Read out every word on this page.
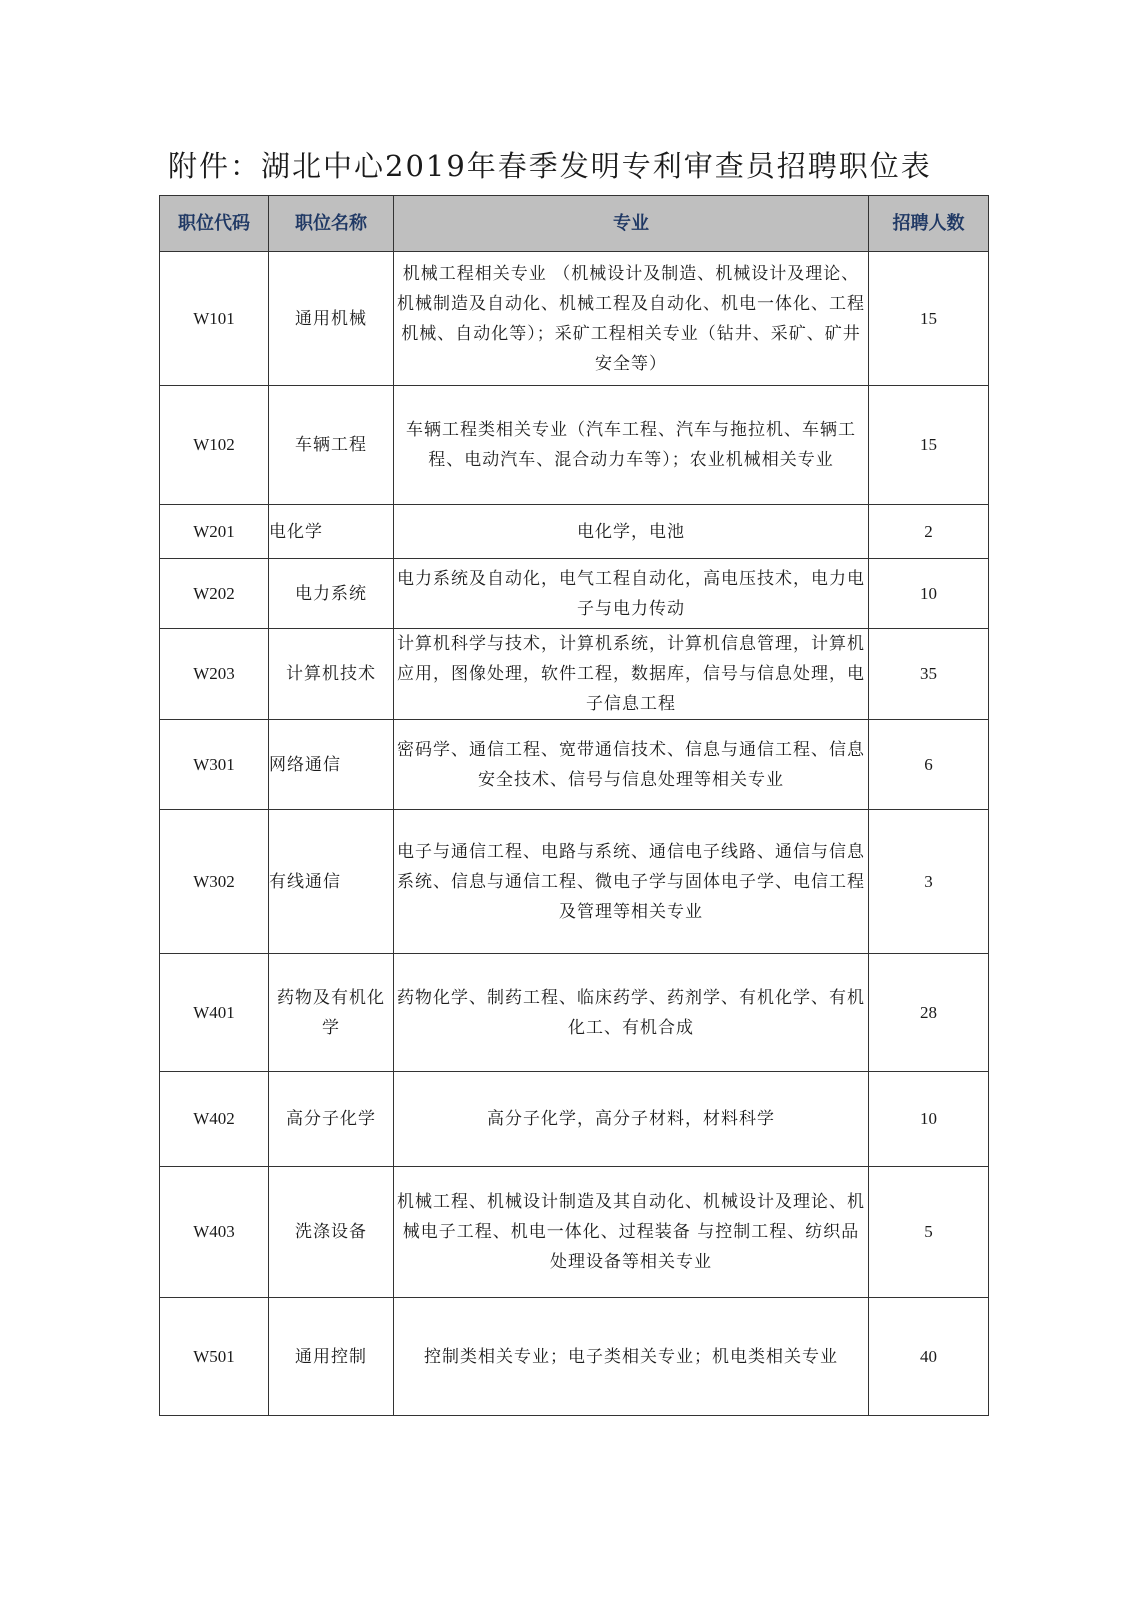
附件：湖北中心2019年春季发明专利审查员招聘职位表
职位代码	职位名称	专业	招聘人数
W101	通用机械	机械工程相关专业 （机械设计及制造、机械设计及理论、机械制造及自动化、机械工程及自动化、机电一体化、工程机械、自动化等）；采矿工程相关专业（钻井、采矿、矿井安全等）	15
W102	车辆工程	车辆工程类相关专业（汽车工程、汽车与拖拉机、车辆工程、电动汽车、混合动力车等）；农业机械相关专业	15
W201	电化学	电化学，电池	2
W202	电力系统	电力系统及自动化，电气工程自动化，高电压技术，电力电子与电力传动	10
W203	计算机技术	计算机科学与技术，计算机系统，计算机信息管理，计算机应用，图像处理，软件工程，数据库，信号与信息处理，电子信息工程	35
W301	网络通信	密码学、通信工程、宽带通信技术、信息与通信工程、信息安全技术、信号与信息处理等相关专业	6
W302	有线通信	电子与通信工程、电路与系统、通信电子线路、通信与信息系统、信息与通信工程、微电子学与固体电子学、电信工程及管理等相关专业	3
W401	药物及有机化学	药物化学、制药工程、临床药学、药剂学、有机化学、有机化工、有机合成	28
W402	高分子化学	高分子化学，高分子材料，材料科学	10
W403	洗涤设备	机械工程、机械设计制造及其自动化、机械设计及理论、机械电子工程、机电一体化、过程装备 与控制工程、纺织品处理设备等相关专业	5
W501	通用控制	控制类相关专业；电子类相关专业；机电类相关专业	40
